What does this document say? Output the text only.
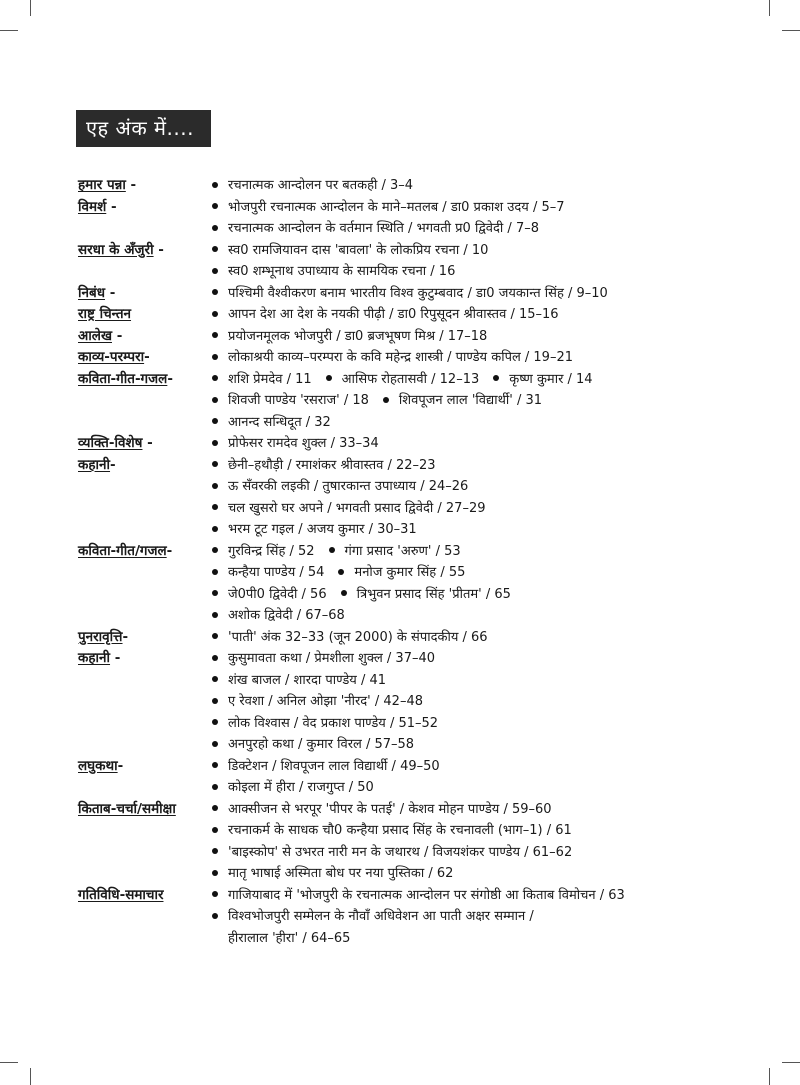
एह अंक में....
हमार पन्ना -	रचनात्मक आन्दोलन पर बतकही / 3–4
विमर्श -	भोजपुरी रचनात्मक आन्दोलन के माने–मतलब / डा0 प्रकाश उदय / 5–7
रचनात्मक आन्दोलन के वर्तमान स्थिति / भगवती प्र0 द्विवेदी / 7–8
सरधा के अँजुरी -	स्व0 रामजियावन दास 'बावला' के लोकप्रिय रचना / 10
स्व0 शम्भूनाथ उपाध्याय के सामयिक रचना / 16
निबंध -	पश्चिमी वैश्वीकरण बनाम भारतीय विश्व कुटुम्बवाद / डा0 जयकान्त सिंह / 9–10
राष्ट्र चिन्तन	आपन देश आ देश के नयकी पीढ़ी / डा0 रिपुसूदन श्रीवास्तव / 15–16
आलेख -	प्रयोजनमूलक भोजपुरी / डा0 ब्रजभूषण मिश्र / 17–18
काव्य-परम्परा-	लोकाश्रयी काव्य–परम्परा के कवि महेन्द्र शास्त्री / पाण्डेय कपिल / 19–21
कविता-गीत-गजल-	शशि प्रेमदेव / 11 आसिफ रोहतासवी / 12–13 कृष्ण कुमार / 14
शिवजी पाण्डेय 'रसराज' / 18 शिवपूजन लाल 'विद्यार्थी' / 31
आनन्द सन्धिदूत / 32
व्यक्ति-विशेष -	प्रोफेसर रामदेव शुक्ल / 33–34
कहानी-	छेनी–हथौड़ी / रमाशंकर श्रीवास्तव / 22–23
ऊ सँवरकी लइकी / तुषारकान्त उपाध्याय / 24–26
चल खुसरो घर अपने / भगवती प्रसाद द्विवेदी / 27–29
भरम टूट गइल / अजय कुमार / 30–31
कविता-गीत/गजल-	गुरविन्द्र सिंह / 52 गंगा प्रसाद 'अरुण' / 53
कन्हैया पाण्डेय / 54 मनोज कुमार सिंह / 55
जे0पी0 द्विवेदी / 56 त्रिभुवन प्रसाद सिंह 'प्रीतम' / 65
अशोक द्विवेदी / 67–68
पुनरावृत्ति-	'पाती' अंक 32–33 (जून 2000) के संपादकीय / 66
कहानी -	कुसुमावता कथा / प्रेमशीला शुक्ल / 37–40
शंख बाजल / शारदा पाण्डेय / 41
ए रेवशा / अनिल ओझा 'नीरद' / 42–48
लोक विश्वास / वेद प्रकाश पाण्डेय / 51–52
अनपुरहो कथा / कुमार विरल / 57–58
लघुकथा-	डिक्टेशन / शिवपूजन लाल विद्यार्थी / 49–50
कोइला में हीरा / राजगुप्त / 50
किताब-चर्चा/समीक्षा	आक्सीजन से भरपूर 'पीपर के पतई' / केशव मोहन पाण्डेय / 59–60
रचनाकर्म के साधक चौ0 कन्हैया प्रसाद सिंह के रचनावली (भाग–1) / 61
'बाइस्कोप' से उभरत नारी मन के जथारथ / विजयशंकर पाण्डेय / 61–62
मातृ भाषाई अस्मिता बोध पर नया पुस्तिका / 62
गतिविधि-समाचार	गाजियाबाद में 'भोजपुरी के रचनात्मक आन्दोलन पर संगोष्ठी आ किताब विमोचन / 63
विश्वभोजपुरी सम्मेलन के नौवाँ अधिवेशन आ पाती अक्षर सम्मान /
हीरालाल 'हीरा' / 64–65
